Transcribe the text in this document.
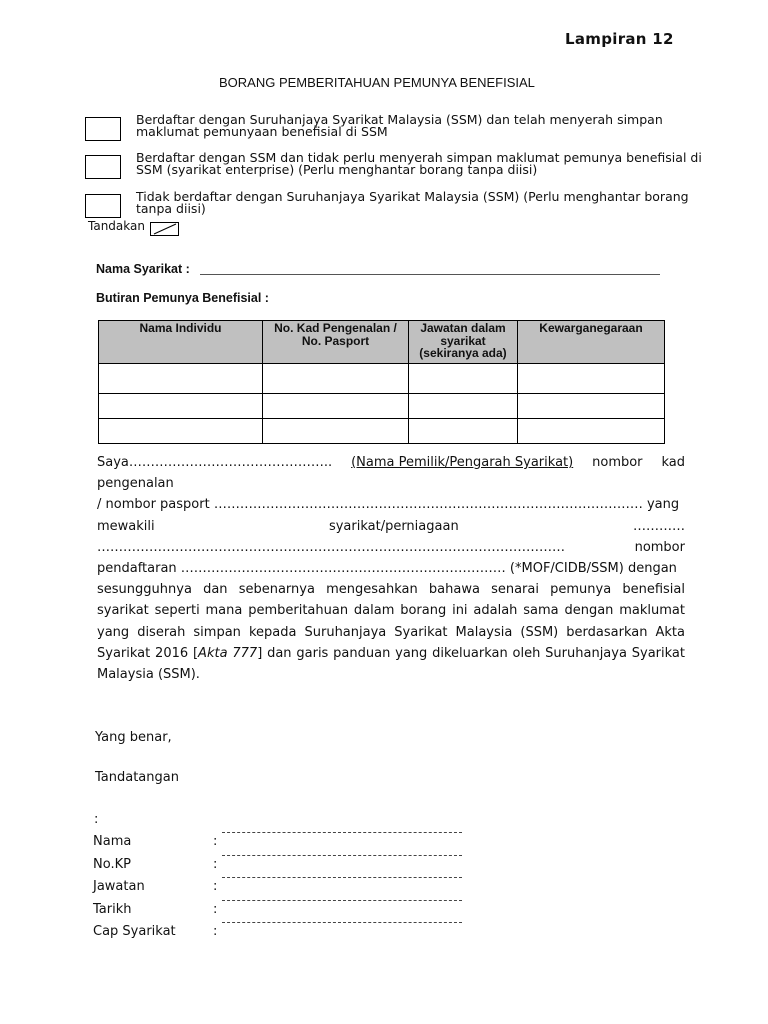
Lampiran 12
BORANG PEMBERITAHUAN PEMUNYA BENEFISIAL
Berdaftar dengan Suruhanjaya Syarikat Malaysia (SSM) dan telah menyerah simpan maklumat pemunyaan benefisial di SSM
Berdaftar dengan SSM dan tidak perlu menyerah simpan maklumat pemunya benefisial di SSM (syarikat enterprise) (Perlu menghantar borang tanpa diisi)
Tidak berdaftar dengan Suruhanjaya Syarikat Malaysia (SSM) (Perlu menghantar borang tanpa diisi)
Tandakan
Nama Syarikat :
Butiran Pemunya Benefisial :
Nama Individu	No. Kad Pengenalan / No. Pasport	Jawatan dalam syarikat (sekiranya ada)	Kewarganegaraan

Saya……………………………………….. (Nama Pemilik/Pengarah Syarikat) nombor kad
pengenalan
/ nombor pasport ……………………………………………………………………………………… yang
mewakili	syarikat/perniagaan	…………
………………………………………………………………………………………………	nombor
pendaftaran ………………………………………………………………… (*MOF/CIDB/SSM) dengan
sesungguhnya dan sebenarnya mengesahkan bahawa senarai pemunya benefisial syarikat seperti mana pemberitahuan dalam borang ini adalah sama dengan maklumat yang diserah simpan kepada Suruhanjaya Syarikat Malaysia (SSM) berdasarkan Akta Syarikat 2016 [Akta 777] dan garis panduan yang dikeluarkan oleh Suruhanjaya Syarikat Malaysia (SSM).
Yang benar,
Tandatangan
:
Nama	:
No.KP	:
Jawatan	:
Tarikh	:
Cap Syarikat	:
